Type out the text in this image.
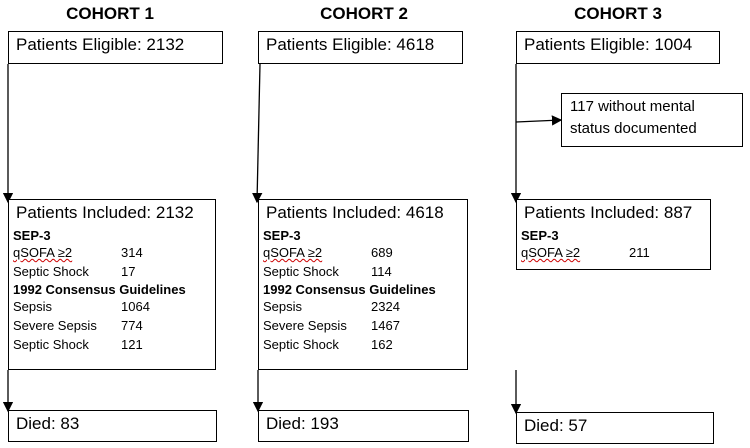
COHORT 1	COHORT 2	COHORT 3
Patients Eligible: 2132
Patients Included: 2132
SEP-3
qSOFA ≥2	314
Septic Shock	17
1992 Consensus Guidelines
Sepsis	1064
Severe Sepsis	774
Septic Shock	121
Died: 83
Patients Eligible: 4618
Patients Included: 4618
SEP-3
qSOFA ≥2	689
Septic Shock	114
1992 Consensus Guidelines
Sepsis	2324
Severe Sepsis	1467
Septic Shock	162
Died: 193
Patients Eligible: 1004
117 without mental
status documented
Patients Included: 887
SEP-3
qSOFA ≥2	211
Died: 57
